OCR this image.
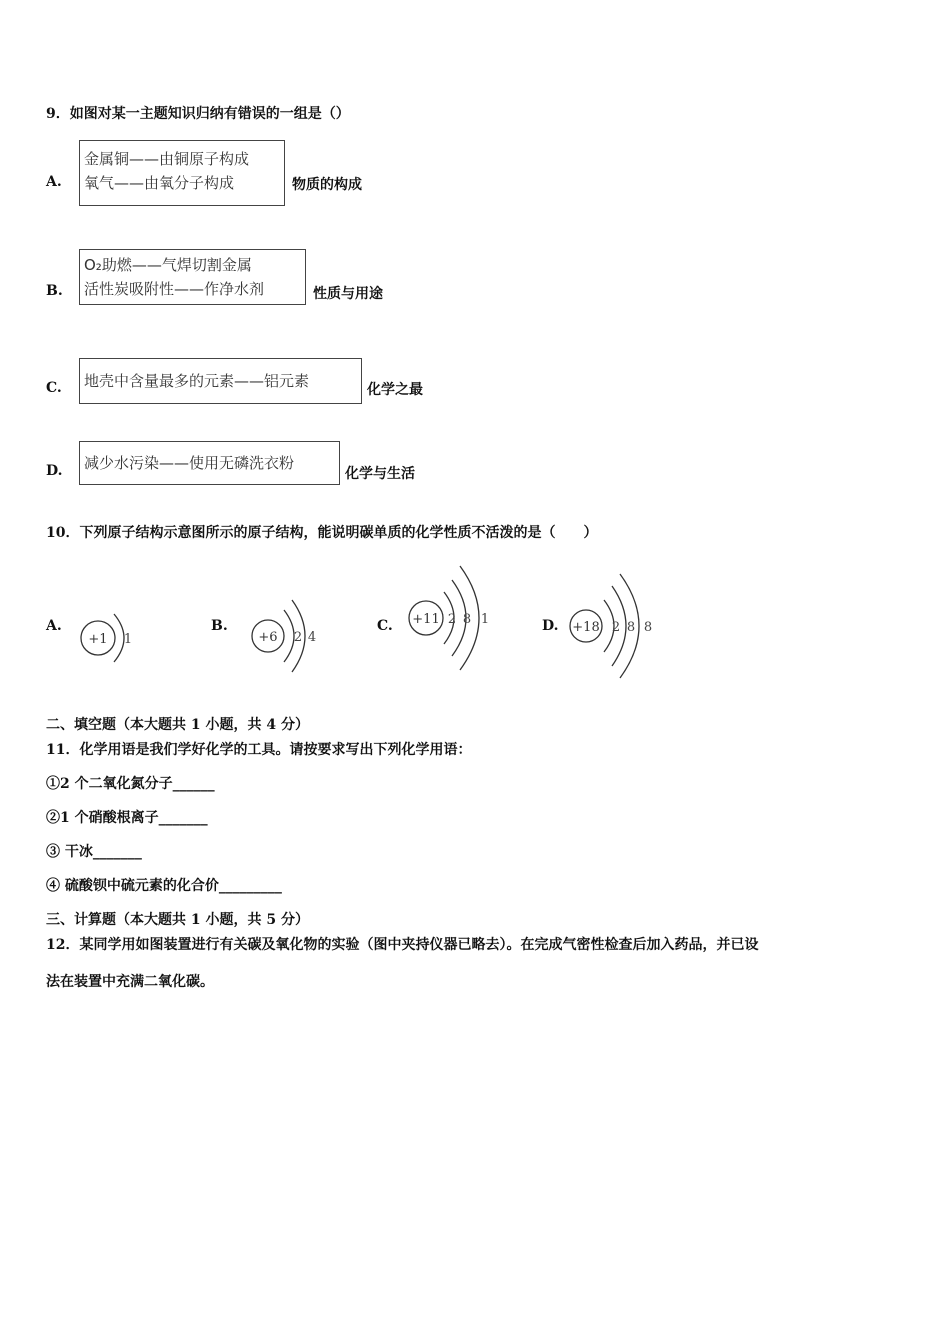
9．如图对某一主题知识归纳有错误的一组是（）
A.
金属铜——由铜原子构成
氧气——由氧分子构成	物质的构成
B.
O₂助燃——气焊切割金属
活性炭吸附性——作净水剂	性质与用途
C. 地壳中含量最多的元素——铝元素	化学之最
D. 减少水污染——使用无磷洗衣粉
化学与生活
10．下列原子结构示意图所示的原子结构，能说明碳单质的化学性质不活泼的是（　　）
A.
+1 1
B.
+6 2 4
C. +11 2 8 1	D. +18 2 8 8
二、填空题（本大题共 1 小题，共 4 分）
11．化学用语是我们学好化学的工具。请按要求写出下列化学用语：
①2 个二氧化氮分子______
②1 个硝酸根离子_______
③ 干冰_______
④ 硫酸钡中硫元素的化合价_________
三、计算题（本大题共 1 小题，共 5 分）
12．某同学用如图装置进行有关碳及氧化物的实验（图中夹持仪器已略去）。在完成气密性检查后加入药品，并已设
法在装置中充满二氧化碳。
